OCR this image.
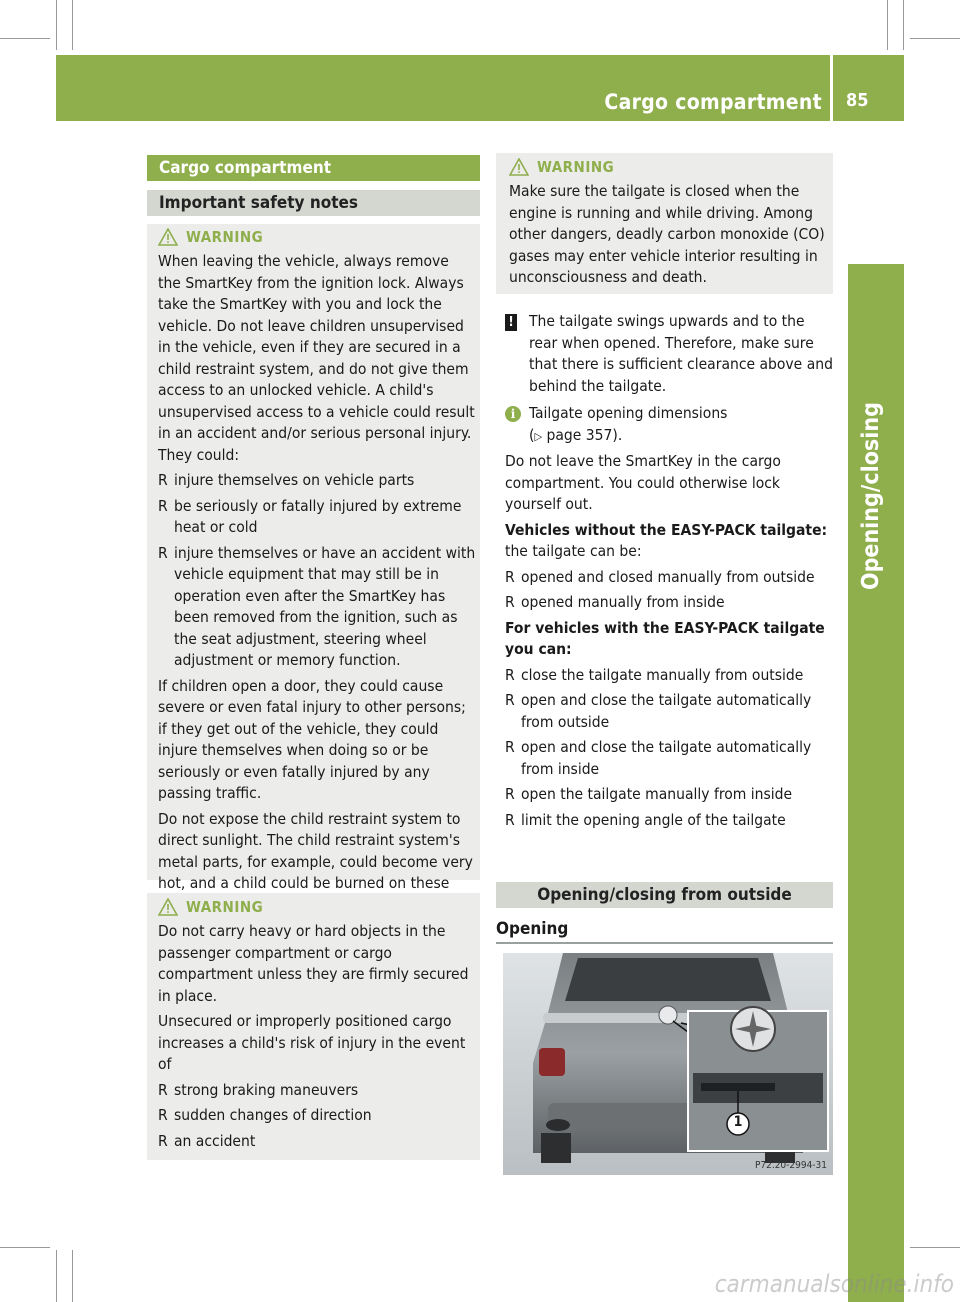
Cargo compartment 85
Opening/closing
Cargo compartment
Important safety notes
WARNING

When leaving the vehicle, always remove the SmartKey from the ignition lock. Always take the SmartKey with you and lock the vehicle. Do not leave children unsupervised in the vehicle, even if they are secured in a child restraint system, and do not give them access to an unlocked vehicle. A child's unsupervised access to a vehicle could result in an accident and/or serious personal injury. They could:

R injure themselves on vehicle parts
R be seriously or fatally injured by extreme heat or cold
R injure themselves or have an accident with vehicle equipment that may still be in operation even after the SmartKey has been removed from the ignition, such as the seat adjustment, steering wheel adjustment or memory function.

If children open a door, they could cause severe or even fatal injury to other persons; if they get out of the vehicle, they could injure themselves when doing so or be seriously or even fatally injured by any passing traffic.

Do not expose the child restraint system to direct sunlight. The child restraint system's metal parts, for example, could become very hot, and a child could be burned on these

WARNING

Do not carry heavy or hard objects in the passenger compartment or cargo compartment unless they are firmly secured in place.

Unsecured or improperly positioned cargo increases a child's risk of injury in the event of

R strong braking maneuvers
R sudden changes of direction
R an accident
WARNING

Make sure the tailgate is closed when the engine is running and while driving. Among other dangers, deadly carbon monoxide (CO) gases may enter vehicle interior resulting in unconsciousness and death.

! The tailgate swings upwards and to the rear when opened. Therefore, make sure that there is sufficient clearance above and behind the tailgate.
i Tailgate opening dimensions
(▷ page 357).

Do not leave the SmartKey in the cargo compartment. You could otherwise lock yourself out.

Vehicles without the EASY-PACK tailgate: the tailgate can be:

R opened and closed manually from outside
R opened manually from inside

For vehicles with the EASY-PACK tailgate you can:

R close the tailgate manually from outside
R open and close the tailgate automatically from outside
R open and close the tailgate automatically from inside
R open the tailgate manually from inside
R limit the opening angle of the tailgate
Opening/closing from outside
Opening
1
P72.20-2994-31
carmanualsonline.info
